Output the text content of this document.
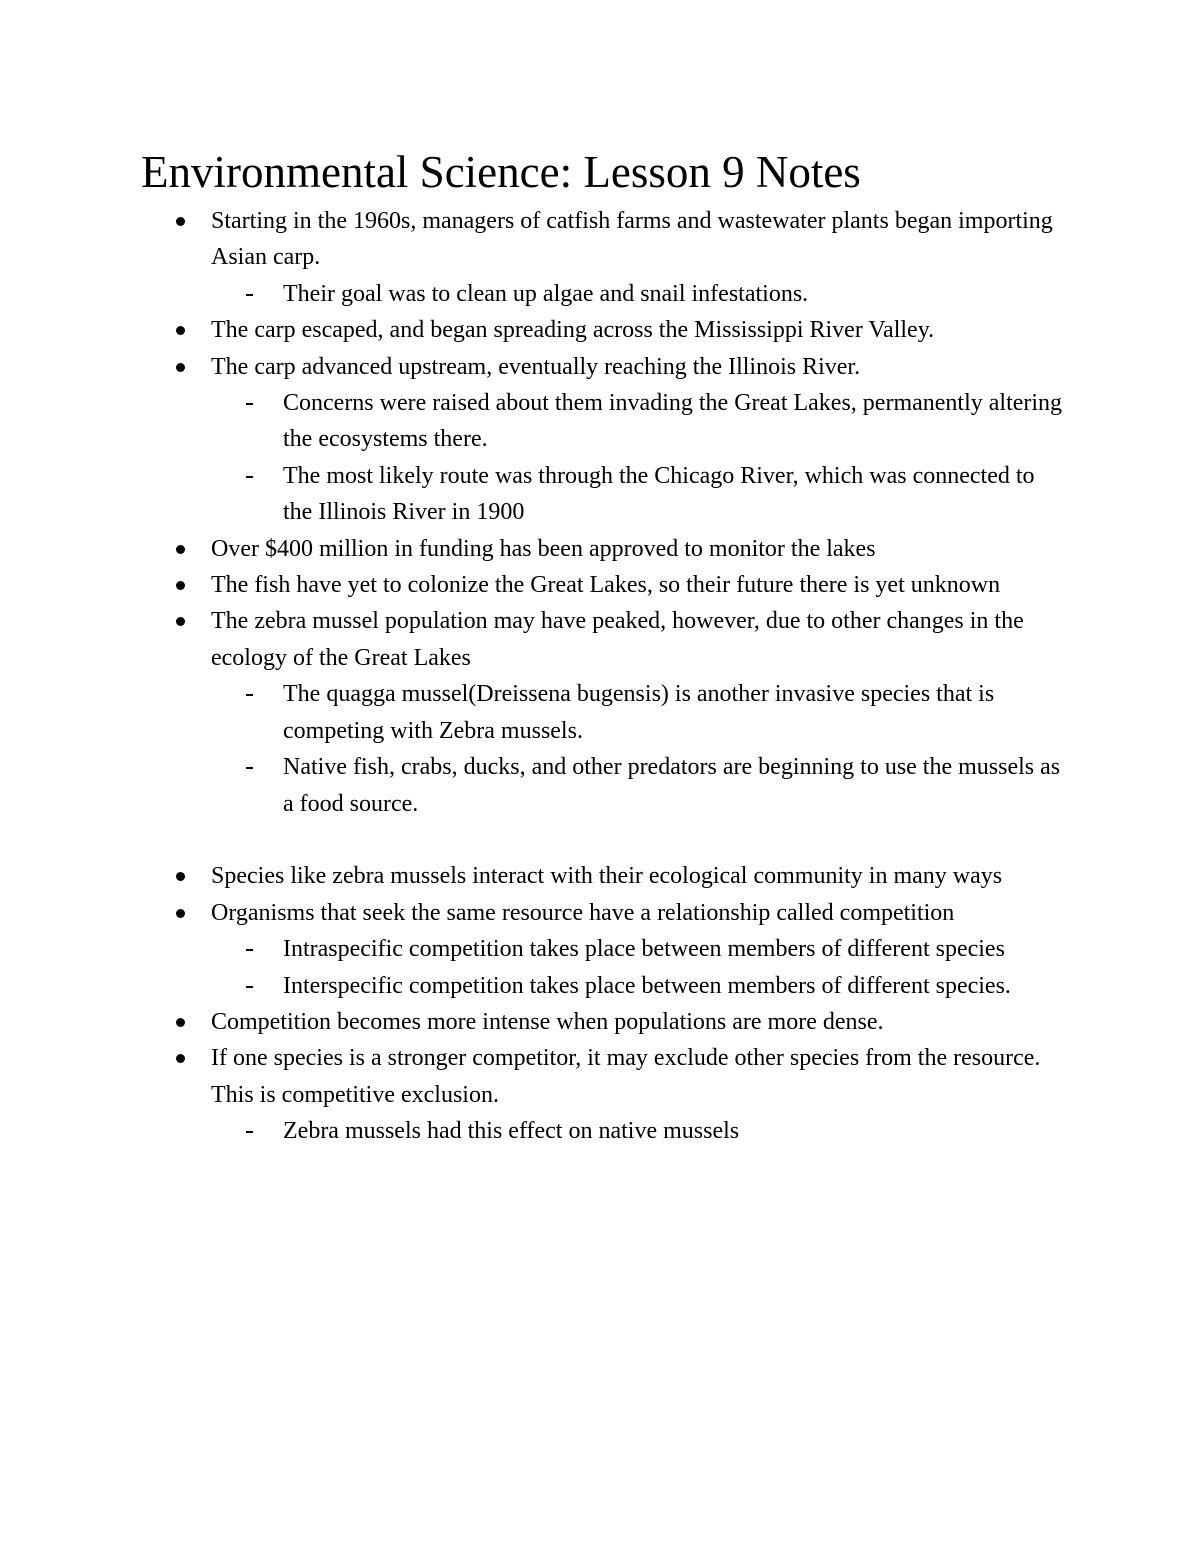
Environmental Science: Lesson 9 Notes
Starting in the 1960s, managers of catfish farms and wastewater plants began importing Asian carp.
Their goal was to clean up algae and snail infestations.
The carp escaped, and began spreading across the Mississippi River Valley.
The carp advanced upstream, eventually reaching the Illinois River.
Concerns were raised about them invading the Great Lakes, permanently altering the ecosystems there.
The most likely route was through the Chicago River, which was connected to the Illinois River in 1900
Over $400 million in funding has been approved to monitor the lakes
The fish have yet to colonize the Great Lakes, so their future there is yet unknown
The zebra mussel population may have peaked, however, due to other changes in the ecology of the Great Lakes
The quagga mussel(Dreissena bugensis) is another invasive species that is competing with Zebra mussels.
Native fish, crabs, ducks, and other predators are beginning to use the mussels as a food source.
Species like zebra mussels interact with their ecological community in many ways
Organisms that seek the same resource have a relationship called competition
Intraspecific competition takes place between members of different species
Interspecific competition takes place between members of different species.
Competition becomes more intense when populations are more dense.
If one species is a stronger competitor, it may exclude other species from the resource. This is competitive exclusion.
Zebra mussels had this effect on native mussels
